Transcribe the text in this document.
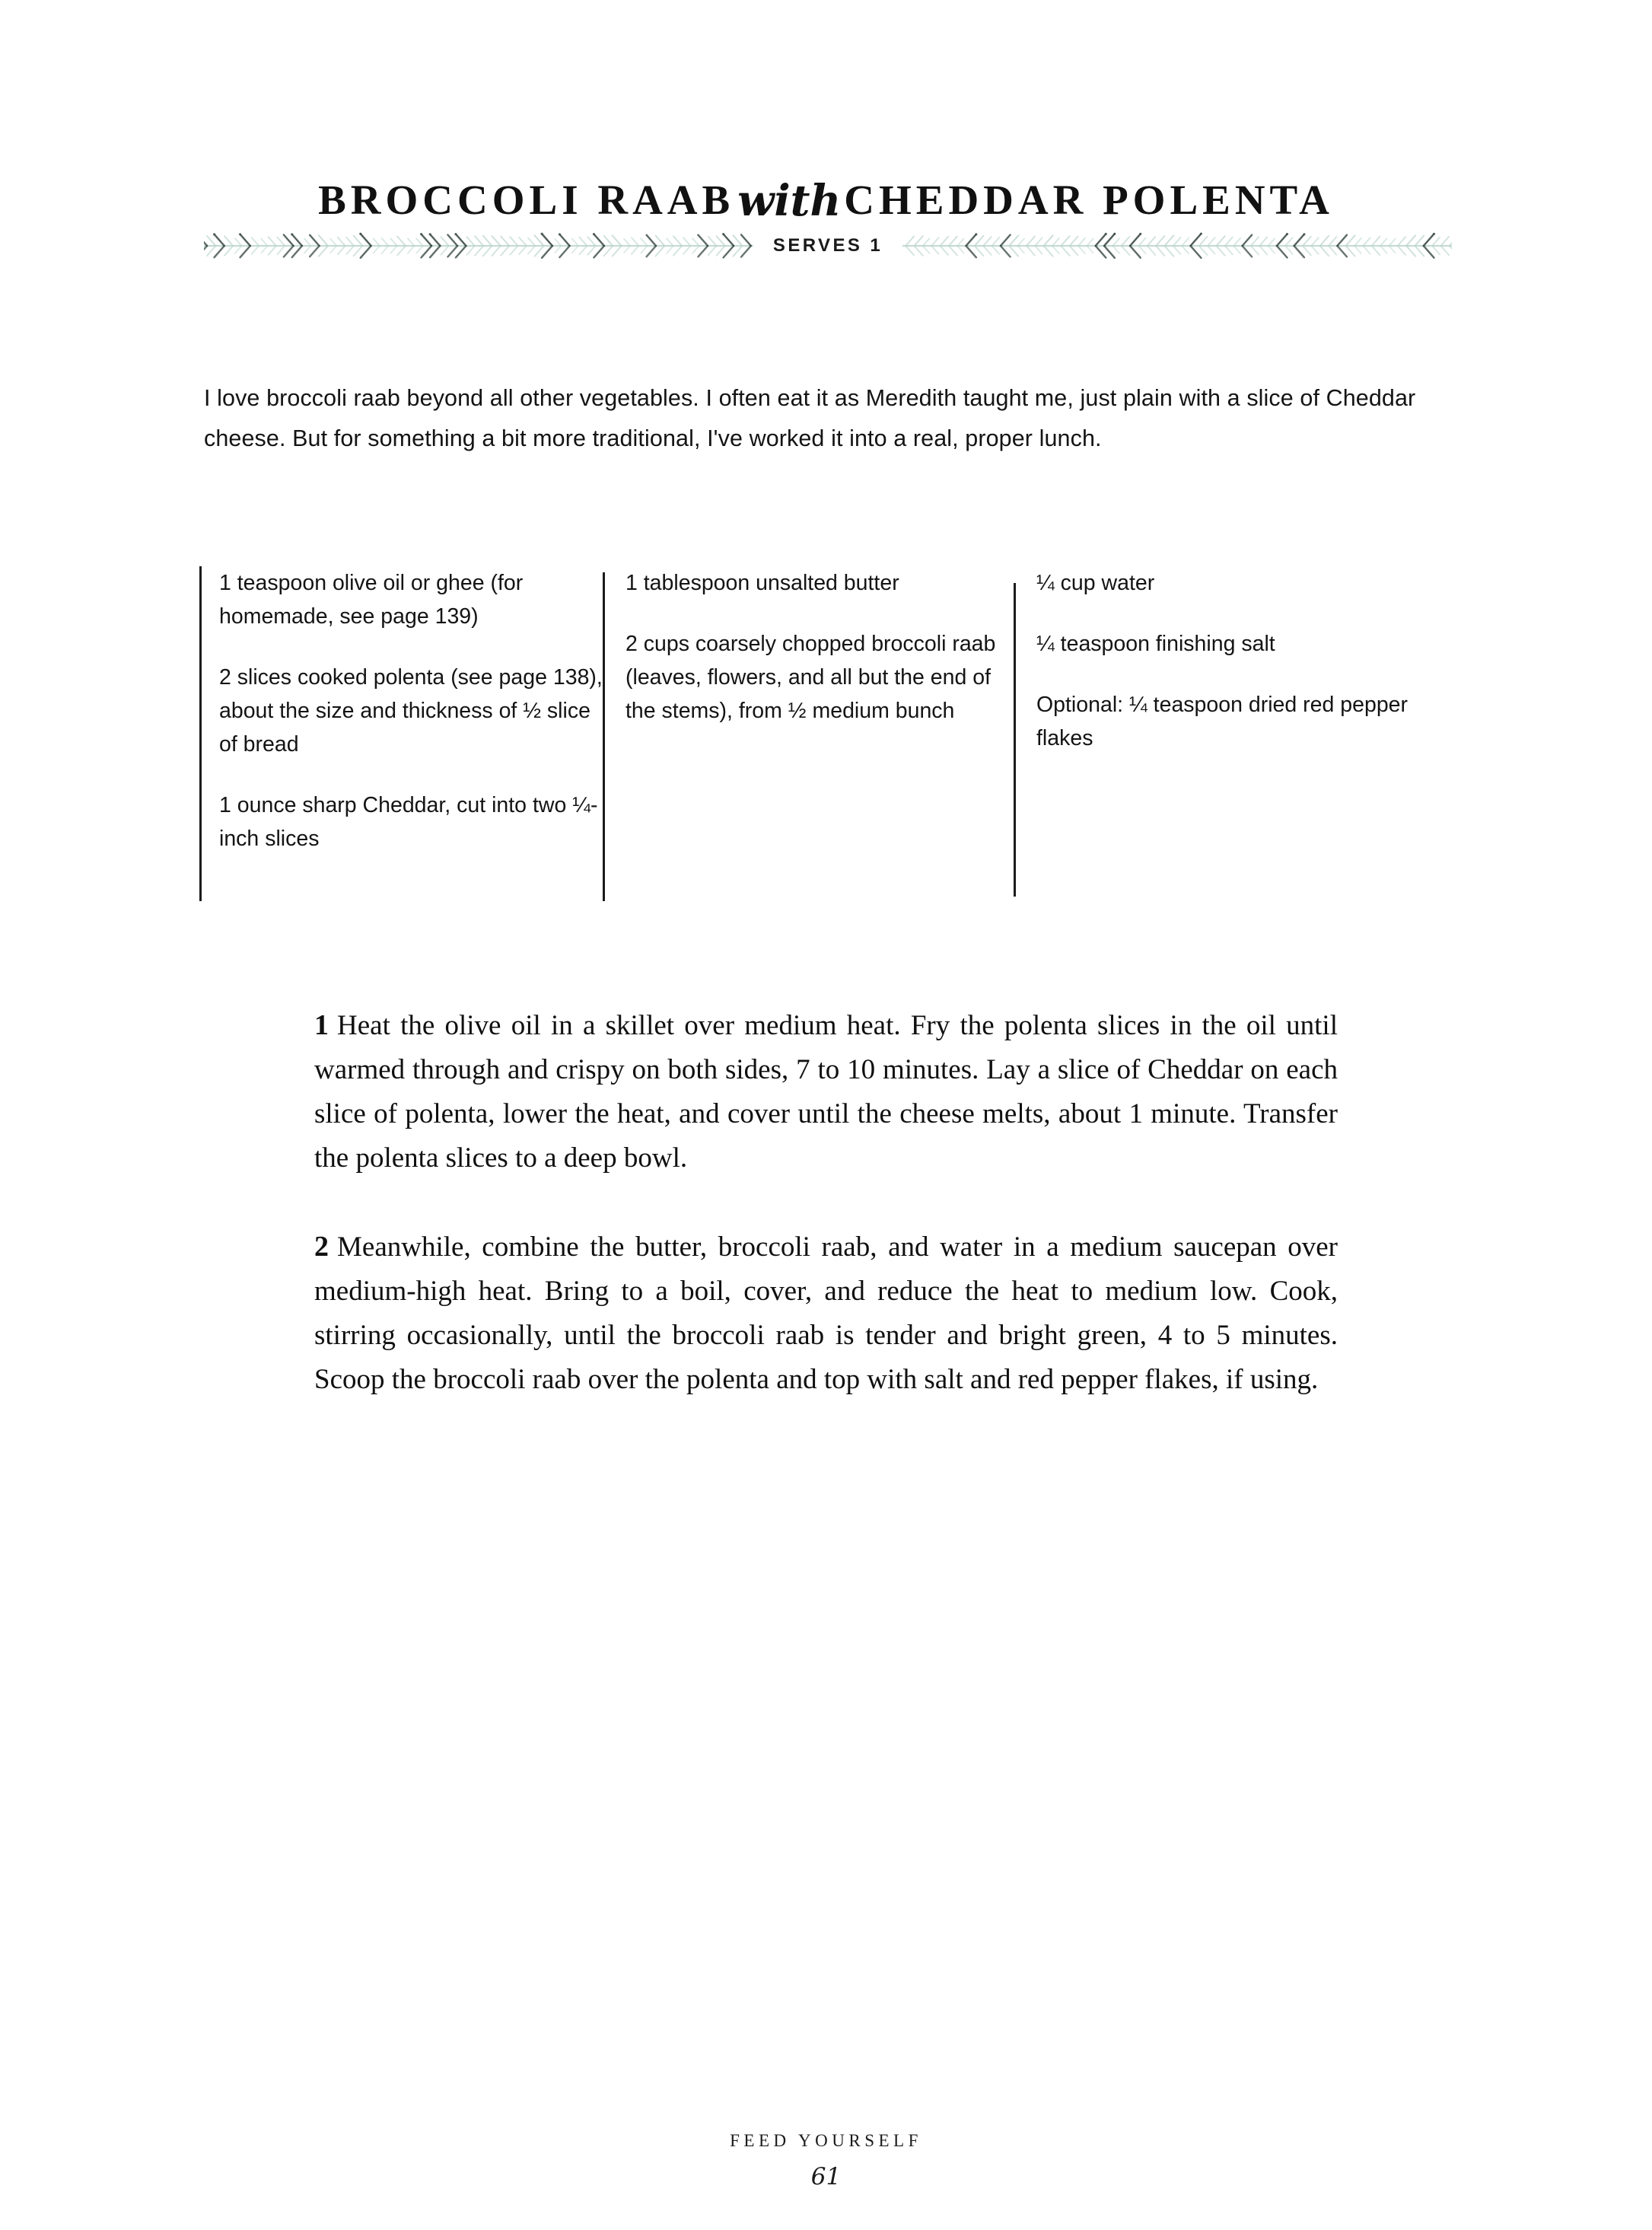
BROCCOLI RAABwithCHEDDAR POLENTA
SERVES 1

I love broccoli raab beyond all other vegetables. I often eat it as Meredith taught me, just plain with a slice of Cheddar cheese. But for something a bit more traditional, I've worked it into a real, proper lunch.

1 teaspoon olive oil or ghee (for homemade, see page 139)

2 slices cooked polenta (see page 138), about the size and thickness of ½ slice of bread

1 ounce sharp Cheddar, cut into two ¼-inch slices

1 tablespoon unsalted butter

2 cups coarsely chopped broccoli raab (leaves, flowers, and all but the end of the stems), from ½ medium bunch

¼ cup water

¼ teaspoon finishing salt

Optional: ¼ teaspoon dried red pepper flakes

1 Heat the olive oil in a skillet over medium heat. Fry the polenta slices in the oil until warmed through and crispy on both sides, 7 to 10 minutes. Lay a slice of Cheddar on each slice of polenta, lower the heat, and cover until the cheese melts, about 1 minute. Transfer the polenta slices to a deep bowl.

2 Meanwhile, combine the butter, broccoli raab, and water in a medium saucepan over medium-high heat. Bring to a boil, cover, and reduce the heat to medium low. Cook, stirring occasionally, until the broccoli raab is tender and bright green, 4 to 5 minutes. Scoop the broccoli raab over the polenta and top with salt and red pepper flakes, if using.

FEED YOURSELF
61
